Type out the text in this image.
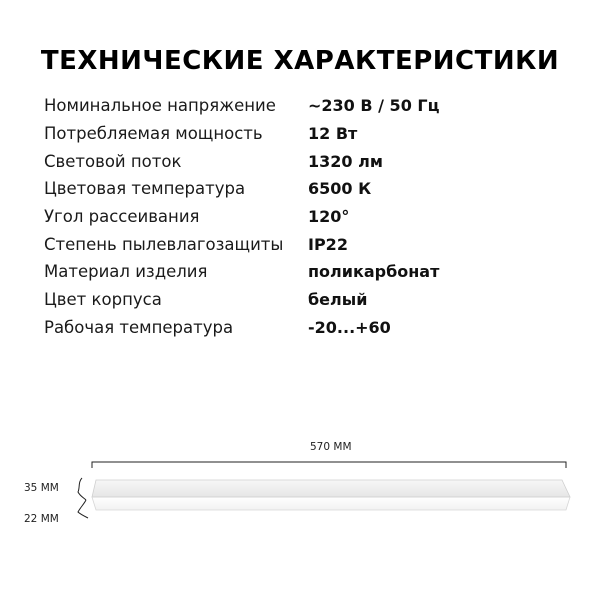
ТЕХНИЧЕСКИЕ ХАРАКТЕРИСТИКИ
Номинальное напряжение	~230 В / 50 Гц
Потребляемая мощность	12 Вт
Световой поток	1320 лм
Цветовая температура	6500 К
Угол рассеивания	120°
Степень пылевлагозащиты	IP22
Материал изделия	поликарбонат
Цвет корпуса	белый
Рабочая температура	-20...+60
570 ММ
35 ММ
22 ММ
